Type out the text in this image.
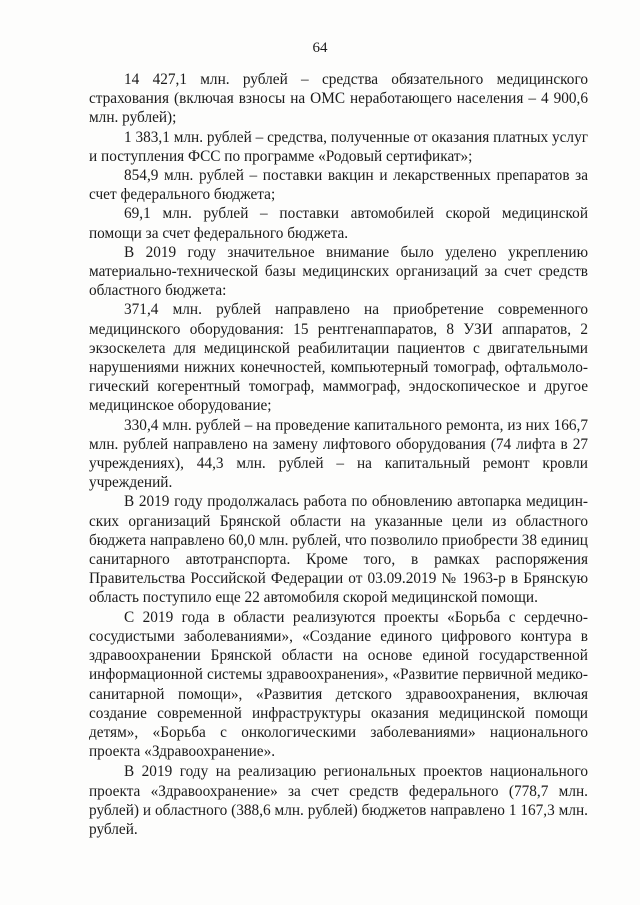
64

14 427,1 млн. рублей – средства обязательного медицинского страхования (включая взносы на ОМС неработающего населения – 4 900,6 млн. рублей);

1 383,1 млн. рублей – средства, полученные от оказания платных услуг и поступления ФСС по программе «Родовый сертификат»;

854,9 млн. рублей – поставки вакцин и лекарственных препаратов за счет федерального бюджета;

69,1 млн. рублей – поставки автомобилей скорой медицинской помощи за счет федерального бюджета.

В 2019 году значительное внимание было уделено укреплению материально-технической базы медицинских организаций за счет средств областного бюджета:

371,4 млн. рублей направлено на приобретение современного медицинского оборудования: 15 рентгенаппаратов, 8 УЗИ аппаратов, 2 экзоскелета для медицинской реабилитации пациентов с двигательными нарушениями нижних конечностей, компьютерный томограф, офтальмоло-гический когерентный томограф, маммограф, эндоскопическое и другое медицинское оборудование;

330,4 млн. рублей – на проведение капитального ремонта, из них 166,7 млн. рублей направлено на замену лифтового оборудования (74 лифта в 27 учреждениях), 44,3 млн. рублей – на капитальный ремонт кровли учреждений.

В 2019 году продолжалась работа по обновлению автопарка медицин-ских организаций Брянской области на указанные цели из областного бюджета направлено 60,0 млн. рублей, что позволило приобрести 38 единиц санитарного автотранспорта. Кроме того, в рамках распоряжения Правительства Российской Федерации от 03.09.2019 № 1963-р в Брянскую область поступило еще 22 автомобиля скорой медицинской помощи.

С 2019 года в области реализуются проекты «Борьба с сердечно-сосудистыми заболеваниями», «Создание единого цифрового контура в здравоохранении Брянской области на основе единой государственной информационной системы здравоохранения», «Развитие первичной медико-санитарной помощи», «Развития детского здравоохранения, включая создание современной инфраструктуры оказания медицинской помощи детям», «Борьба с онкологическими заболеваниями» национального проекта «Здравоохранение».

В 2019 году на реализацию региональных проектов национального проекта «Здравоохранение» за счет средств федерального (778,7 млн. рублей) и областного (388,6 млн. рублей) бюджетов направлено 1 167,3 млн. рублей.
